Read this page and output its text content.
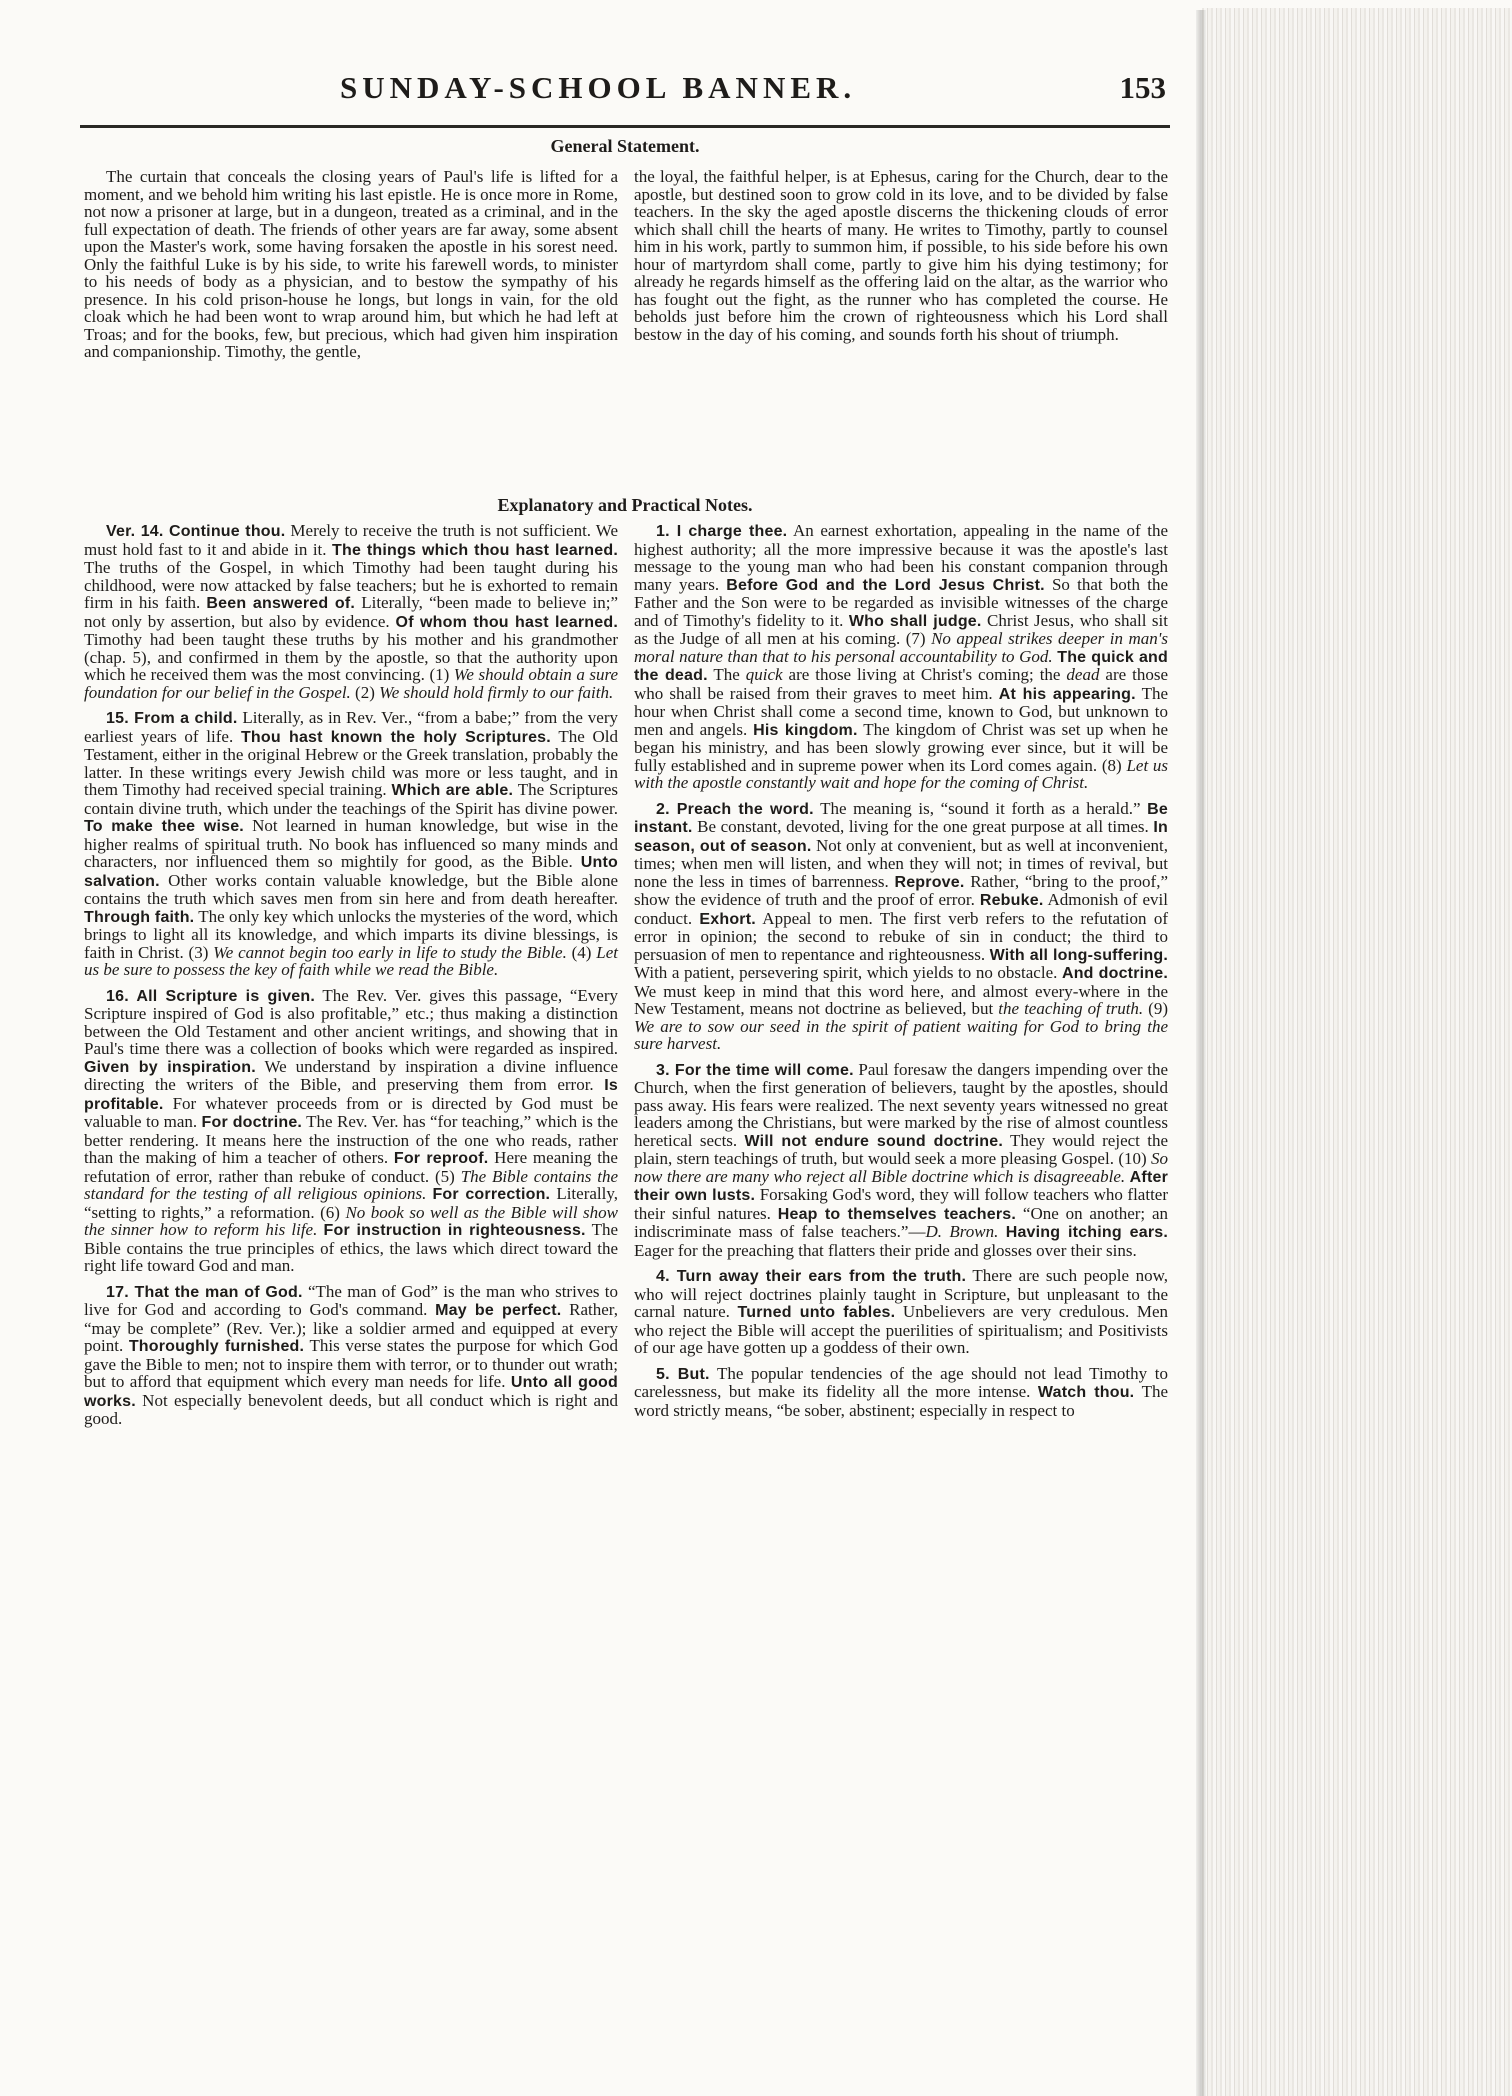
SUNDAY-SCHOOL BANNER.	153
General Statement.

The curtain that conceals the closing years of Paul's life is lifted for a moment, and we behold him writing his last epistle. He is once more in Rome, not now a prisoner at large, but in a dungeon, treated as a criminal, and in the full expectation of death. The friends of other years are far away, some absent upon the Master's work, some having forsaken the apostle in his sorest need. Only the faithful Luke is by his side, to write his farewell words, to minister to his needs of body as a physician, and to bestow the sympathy of his presence. In his cold prison-house he longs, but longs in vain, for the old cloak which he had been wont to wrap around him, but which he had left at Troas; and for the books, few, but precious, which had given him inspiration and companionship. Timothy, the gentle,

the loyal, the faithful helper, is at Ephesus, caring for the Church, dear to the apostle, but destined soon to grow cold in its love, and to be divided by false teachers. In the sky the aged apostle discerns the thickening clouds of error which shall chill the hearts of many. He writes to Timothy, partly to counsel him in his work, partly to summon him, if possible, to his side before his own hour of martyrdom shall come, partly to give him his dying testimony; for already he regards himself as the offering laid on the altar, as the warrior who has fought out the fight, as the runner who has completed the course. He beholds just before him the crown of righteousness which his Lord shall bestow in the day of his coming, and sounds forth his shout of triumph.

Explanatory and Practical Notes.

Ver. 14. Continue thou. Merely to receive the truth is not sufficient. We must hold fast to it and abide in it. The things which thou hast learned. The truths of the Gospel, in which Timothy had been taught during his childhood, were now attacked by false teachers; but he is exhorted to remain firm in his faith. Been answered of. Literally, “been made to believe in;” not only by assertion, but also by evidence. Of whom thou hast learned. Timothy had been taught these truths by his mother and his grandmother (chap. 5), and confirmed in them by the apostle, so that the authority upon which he received them was the most convincing. (1) We should obtain a sure foundation for our belief in the Gospel. (2) We should hold firmly to our faith.

15. From a child. Literally, as in Rev. Ver., “from a babe;” from the very earliest years of life. Thou hast known the holy Scriptures. The Old Testament, either in the original Hebrew or the Greek translation, probably the latter. In these writings every Jewish child was more or less taught, and in them Timothy had received special training. Which are able. The Scriptures contain divine truth, which under the teachings of the Spirit has divine power. To make thee wise. Not learned in human knowledge, but wise in the higher realms of spiritual truth. No book has influenced so many minds and characters, nor influenced them so mightily for good, as the Bible. Unto salvation. Other works contain valuable knowledge, but the Bible alone contains the truth which saves men from sin here and from death hereafter. Through faith. The only key which unlocks the mysteries of the word, which brings to light all its knowledge, and which imparts its divine blessings, is faith in Christ. (3) We cannot begin too early in life to study the Bible. (4) Let us be sure to possess the key of faith while we read the Bible.

16. All Scripture is given. The Rev. Ver. gives this passage, “Every Scripture inspired of God is also profitable,” etc.; thus making a distinction between the Old Testament and other ancient writings, and showing that in Paul's time there was a collection of books which were regarded as inspired. Given by inspiration. We understand by inspiration a divine influence directing the writers of the Bible, and preserving them from error. Is profitable. For whatever proceeds from or is directed by God must be valuable to man. For doctrine. The Rev. Ver. has “for teaching,” which is the better rendering. It means here the instruction of the one who reads, rather than the making of him a teacher of others. For reproof. Here meaning the refutation of error, rather than rebuke of conduct. (5) The Bible contains the standard for the testing of all religious opinions. For correction. Literally, “setting to rights,” a reformation. (6) No book so well as the Bible will show the sinner how to reform his life. For instruction in righteousness. The Bible contains the true principles of ethics, the laws which direct toward the right life toward God and man.

17. That the man of God. “The man of God” is the man who strives to live for God and according to God's command. May be perfect. Rather, “may be complete” (Rev. Ver.); like a soldier armed and equipped at every point. Thoroughly furnished. This verse states the purpose for which God gave the Bible to men; not to inspire them with terror, or to thunder out wrath; but to afford that equipment which every man needs for life. Unto all good works. Not especially benevolent deeds, but all conduct which is right and good.

1. I charge thee. An earnest exhortation, appealing in the name of the highest authority; all the more impressive because it was the apostle's last message to the young man who had been his constant companion through many years. Before God and the Lord Jesus Christ. So that both the Father and the Son were to be regarded as invisible witnesses of the charge and of Timothy's fidelity to it. Who shall judge. Christ Jesus, who shall sit as the Judge of all men at his coming. (7) No appeal strikes deeper in man's moral nature than that to his personal accountability to God. The quick and the dead. The quick are those living at Christ's coming; the dead are those who shall be raised from their graves to meet him. At his appearing. The hour when Christ shall come a second time, known to God, but unknown to men and angels. His kingdom. The kingdom of Christ was set up when he began his ministry, and has been slowly growing ever since, but it will be fully established and in supreme power when its Lord comes again. (8) Let us with the apostle constantly wait and hope for the coming of Christ.

2. Preach the word. The meaning is, “sound it forth as a herald.” Be instant. Be constant, devoted, living for the one great purpose at all times. In season, out of season. Not only at convenient, but as well at inconvenient, times; when men will listen, and when they will not; in times of revival, but none the less in times of barrenness. Reprove. Rather, “bring to the proof,” show the evidence of truth and the proof of error. Rebuke. Admonish of evil conduct. Exhort. Appeal to men. The first verb refers to the refutation of error in opinion; the second to rebuke of sin in conduct; the third to persuasion of men to repentance and righteousness. With all long-suffering. With a patient, persevering spirit, which yields to no obstacle. And doctrine. We must keep in mind that this word here, and almost every-where in the New Testament, means not doctrine as believed, but the teaching of truth. (9) We are to sow our seed in the spirit of patient waiting for God to bring the sure harvest.

3. For the time will come. Paul foresaw the dangers impending over the Church, when the first generation of believers, taught by the apostles, should pass away. His fears were realized. The next seventy years witnessed no great leaders among the Christians, but were marked by the rise of almost countless heretical sects. Will not endure sound doctrine. They would reject the plain, stern teachings of truth, but would seek a more pleasing Gospel. (10) So now there are many who reject all Bible doctrine which is disagreeable. After their own lusts. Forsaking God's word, they will follow teachers who flatter their sinful natures. Heap to themselves teachers. “One on another; an indiscriminate mass of false teachers.”—D. Brown. Having itching ears. Eager for the preaching that flatters their pride and glosses over their sins.

4. Turn away their ears from the truth. There are such people now, who will reject doctrines plainly taught in Scripture, but unpleasant to the carnal nature. Turned unto fables. Unbelievers are very credulous. Men who reject the Bible will accept the puerilities of spiritualism; and Positivists of our age have gotten up a goddess of their own.

5. But. The popular tendencies of the age should not lead Timothy to carelessness, but make its fidelity all the more intense. Watch thou. The word strictly means, “be sober, abstinent; especially in respect to
